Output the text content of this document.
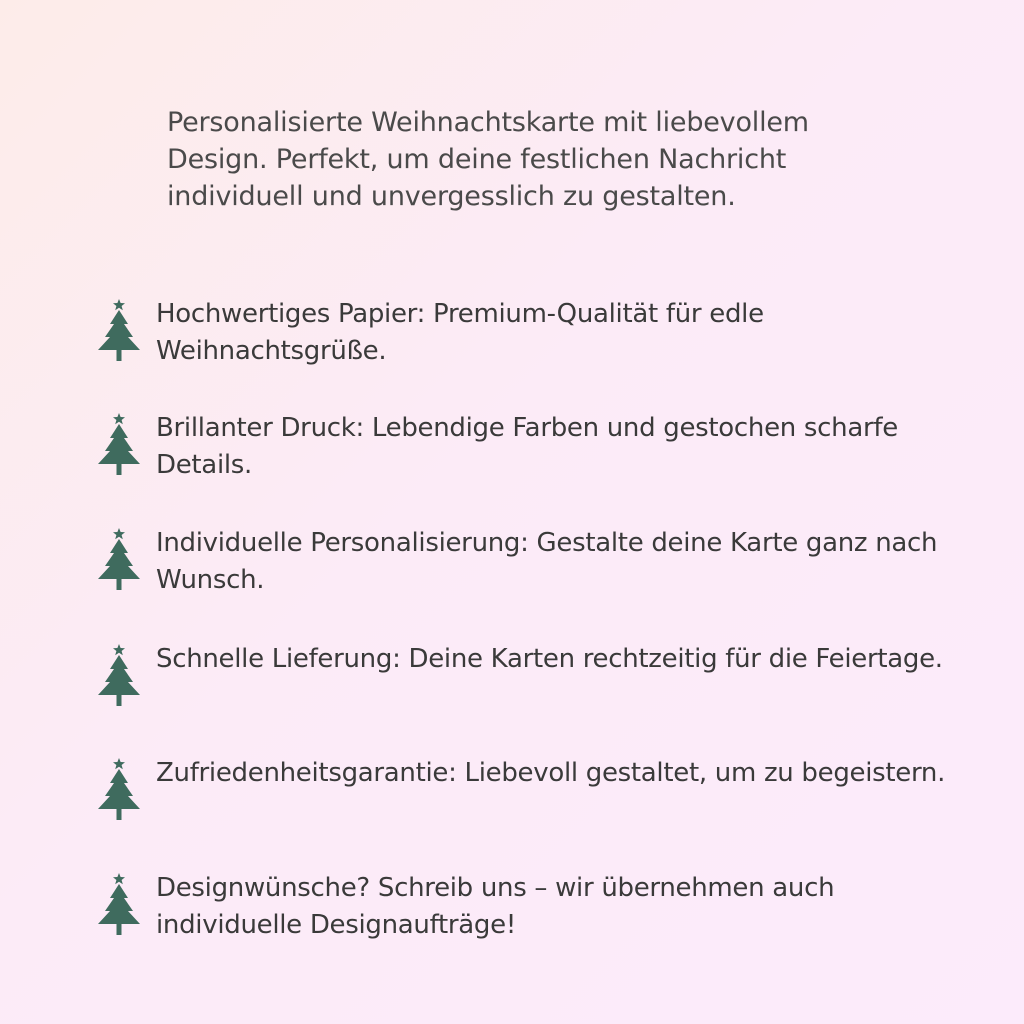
Personalisierte Weihnachtskarte mit liebevollem Design. Perfekt, um deine festlichen Nachricht individuell und unvergesslich zu gestalten.

Hochwertiges Papier: Premium-Qualität für edle Weihnachtsgrüße.

Brillanter Druck: Lebendige Farben und gestochen scharfe Details.

Individuelle Personalisierung: Gestalte deine Karte ganz nach Wunsch.

Schnelle Lieferung: Deine Karten rechtzeitig für die Feiertage.

Zufriedenheitsgarantie: Liebevoll gestaltet, um zu begeistern.

Designwünsche? Schreib uns – wir übernehmen auch individuelle Designaufträge!
